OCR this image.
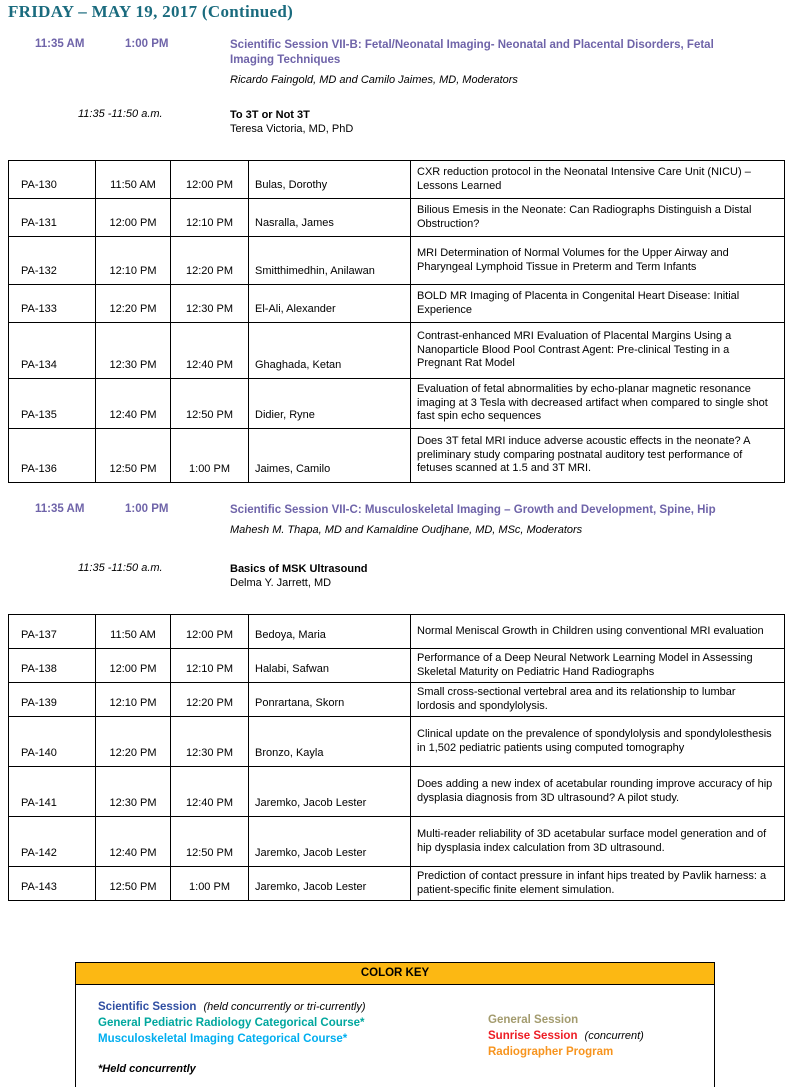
FRIDAY – MAY 19, 2017 (Continued)
11:35 AM	1:00 PM	Scientific Session VII-B: Fetal/Neonatal Imaging- Neonatal and Placental Disorders, Fetal Imaging Techniques
Ricardo Faingold, MD and Camilo Jaimes, MD, Moderators
11:35 -11:50 a.m.	To 3T or Not 3T
Teresa Victoria, MD, PhD
PA-130	11:50 AM	12:00 PM	Bulas, Dorothy	CXR reduction protocol in the Neonatal Intensive Care Unit (NICU) – Lessons Learned
PA-131	12:00 PM	12:10 PM	Nasralla, James	Bilious Emesis in the Neonate: Can Radiographs Distinguish a Distal Obstruction?
PA-132	12:10 PM	12:20 PM	Smitthimedhin, Anilawan	MRI Determination of Normal Volumes for the Upper Airway and Pharyngeal Lymphoid Tissue in Preterm and Term Infants
PA-133	12:20 PM	12:30 PM	El-Ali, Alexander	BOLD MR Imaging of Placenta in Congenital Heart Disease: Initial Experience
PA-134	12:30 PM	12:40 PM	Ghaghada, Ketan	Contrast-enhanced MRI Evaluation of Placental Margins Using a Nanoparticle Blood Pool Contrast Agent: Pre-clinical Testing in a Pregnant Rat Model
PA-135	12:40 PM	12:50 PM	Didier, Ryne	Evaluation of fetal abnormalities by echo-planar magnetic resonance imaging at 3 Tesla with decreased artifact when compared to single shot fast spin echo sequences
PA-136	12:50 PM	1:00 PM	Jaimes, Camilo	Does 3T fetal MRI induce adverse acoustic effects in the neonate? A preliminary study comparing postnatal auditory test performance of fetuses scanned at 1.5 and 3T MRI.
11:35 AM	1:00 PM	Scientific Session VII-C: Musculoskeletal Imaging – Growth and Development, Spine, Hip
Mahesh M. Thapa, MD and Kamaldine Oudjhane, MD, MSc, Moderators
11:35 -11:50 a.m.	Basics of MSK Ultrasound
Delma Y. Jarrett, MD
PA-137	11:50 AM	12:00 PM	Bedoya, Maria	Normal Meniscal Growth in Children using conventional MRI evaluation
PA-138	12:00 PM	12:10 PM	Halabi, Safwan	Performance of a Deep Neural Network Learning Model in Assessing Skeletal Maturity on Pediatric Hand Radiographs
PA-139	12:10 PM	12:20 PM	Ponrartana, Skorn	Small cross-sectional vertebral area and its relationship to lumbar lordosis and spondylolysis.
PA-140	12:20 PM	12:30 PM	Bronzo, Kayla	Clinical update on the prevalence of spondylolysis and spondylolesthesis in 1,502 pediatric patients using computed tomography
PA-141	12:30 PM	12:40 PM	Jaremko, Jacob Lester	Does adding a new index of acetabular rounding improve accuracy of hip dysplasia diagnosis from 3D ultrasound? A pilot study.
PA-142	12:40 PM	12:50 PM	Jaremko, Jacob Lester	Multi-reader reliability of 3D acetabular surface model generation and of hip dysplasia index calculation from 3D ultrasound.
PA-143	12:50 PM	1:00 PM	Jaremko, Jacob Lester	Prediction of contact pressure in infant hips treated by Pavlik harness: a patient-specific finite element simulation.
COLOR KEY
Scientific Session (held concurrently or tri-currently)
General Pediatric Radiology Categorical Course*
Musculoskeletal Imaging Categorical Course*
*Held concurrently
General Session
Sunrise Session (concurrent)
Radiographer Program
